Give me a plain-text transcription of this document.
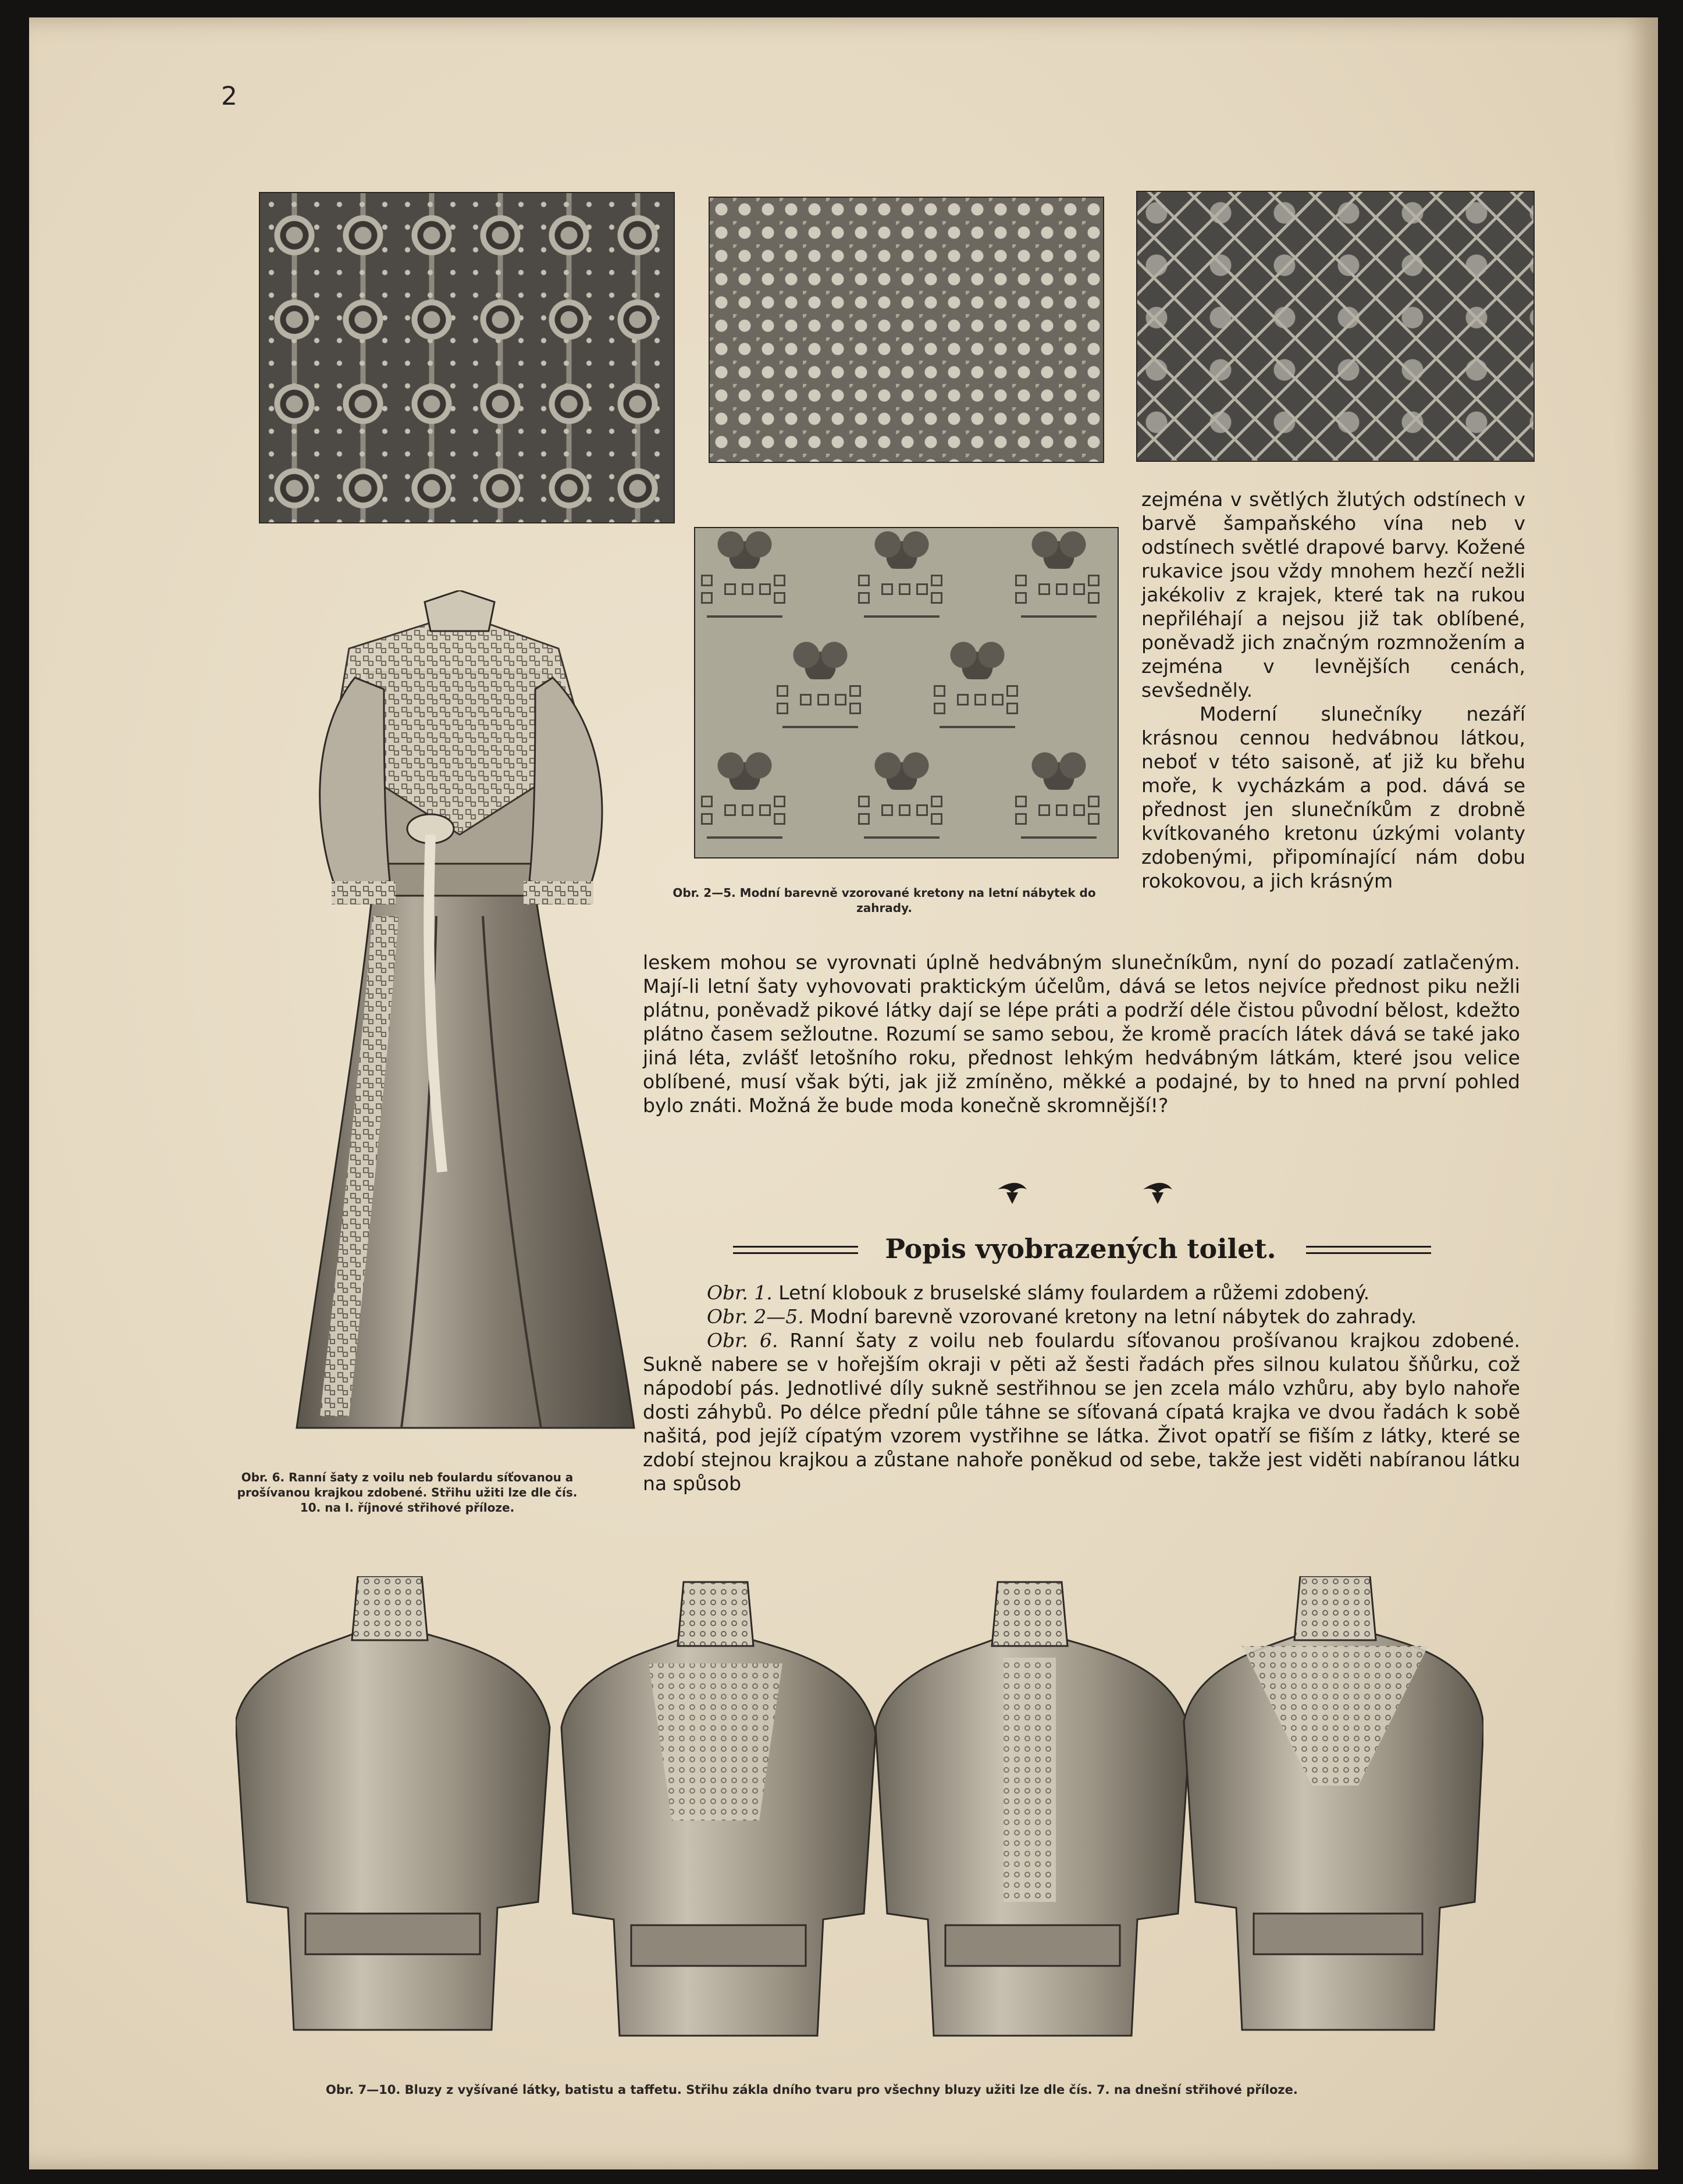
2
Obr. 2—5. Modní barevně vzorované kretony na letní nábytek do zahrady.
Obr. 6. Ranní šaty z voilu neb foulardu síťovanou a prošívanou krajkou zdobené. Střihu užiti lze dle čís. 10. na I. říjnové střihové příloze.

zejména v světlých žlutých odstínech v barvě šampaňského vína neb v odstínech světlé drapové barvy. Kožené rukavice jsou vždy mnohem hezčí nežli jakékoliv z krajek, které tak na rukou nepřiléhají a nejsou již tak oblíbené, poněvadž jich značným rozmnožením a zejména v levnějších cenách, sevšedněly.

Moderní slunečníky nezáří krásnou cennou hedvábnou látkou, neboť v této saisoně, ať již ku břehu moře, k vycházkám a pod. dává se přednost jen slunečníkům z drobně kvítkovaného kretonu úzkými volanty zdobenými, připomínající nám dobu rokokovou, a jich krásným

leskem mohou se vyrovnati úplně hedvábným slunečníkům, nyní do pozadí zatlačeným. Mají-li letní šaty vyhovovati praktickým účelům, dává se letos nejvíce přednost piku nežli plátnu, poněvadž pikové látky dají se lépe práti a podrží déle čistou původní bělost, kdežto plátno časem sežloutne. Rozumí se samo sebou, že kromě pracích látek dává se také jako jiná léta, zvlášť letošního roku, přednost lehkým hedvábným látkám, které jsou velice oblíbené, musí však býti, jak již zmíněno, měkké a podajné, by to hned na první pohled bylo znáti. Možná že bude moda konečně skromnější!?

Popis vyobrazených toilet.

Obr. 1. Letní klobouk z bruselské slámy foulardem a růžemi zdobený.

Obr. 2—5. Modní barevně vzorované kretony na letní nábytek do zahrady.

Obr. 6. Ranní šaty z voilu neb foulardu síťovanou prošívanou krajkou zdobené. Sukně nabere se v hořejším okraji v pěti až šesti řadách přes silnou kulatou šňůrku, což nápodobí pás. Jednotlivé díly sukně sestřihnou se jen zcela málo vzhůru, aby bylo nahoře dosti záhybů. Po délce přední půle táhne se síťovaná cípatá krajka ve dvou řadách k sobě našitá, pod jejíž cípatým vzorem vystřihne se látka. Život opatří se fiším z látky, které se zdobí stejnou krajkou a zůstane nahoře poněkud od sebe, takže jest viděti nabíranou látku na spůsob

Obr. 7—10. Bluzy z vyšívané látky, batistu a taffetu. Střihu zákla dního tvaru pro všechny bluzy užiti lze dle čís. 7. na dnešní střihové příloze.
